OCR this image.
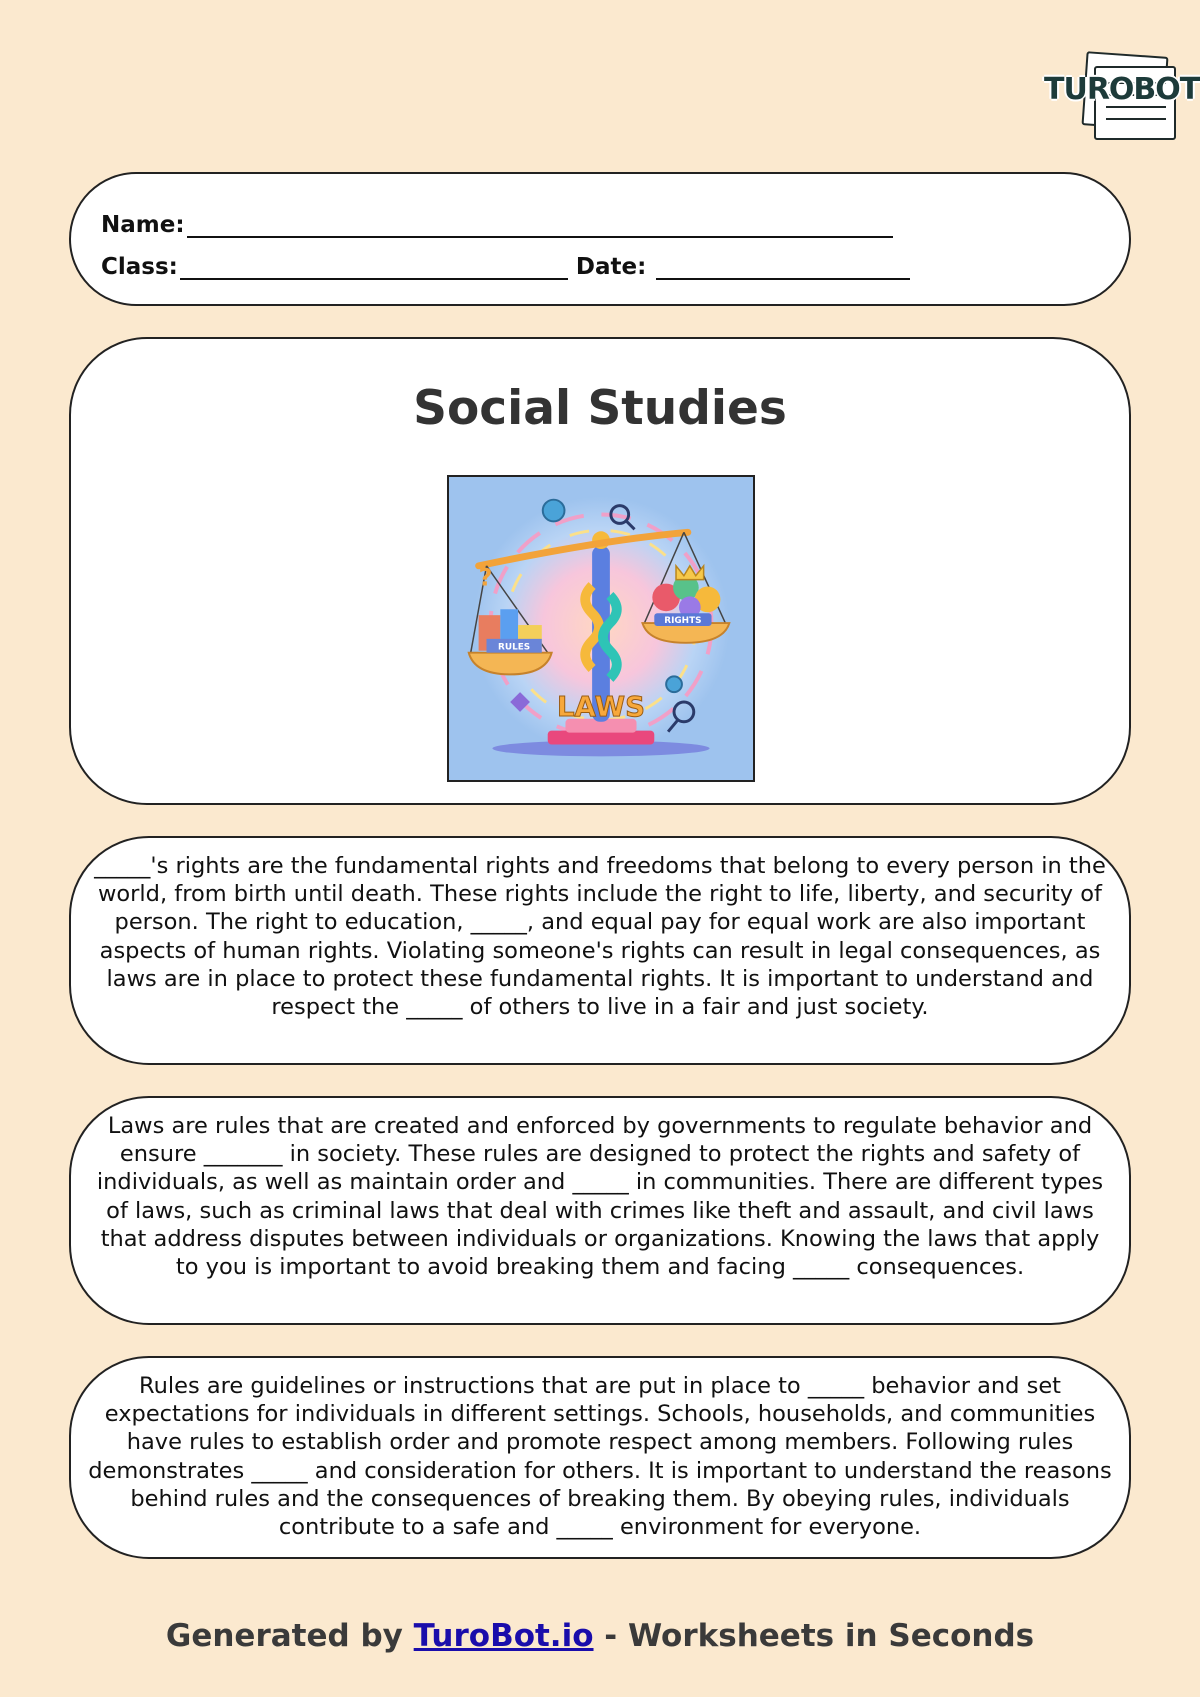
TUROBOT
Name:
Class:	Date:
Social Studies
RULES
RIGHTS
LAWS
?
_____'s rights are the fundamental rights and freedoms that belong to every person in the world, from birth until death. These rights include the right to life, liberty, and security of person. The right to education, _____, and equal pay for equal work are also important aspects of human rights. Violating someone's rights can result in legal consequences, as laws are in place to protect these fundamental rights. It is important to understand and respect the _____ of others to live in a fair and just society.
Laws are rules that are created and enforced by governments to regulate behavior and ensure _______ in society. These rules are designed to protect the rights and safety of individuals, as well as maintain order and _____ in communities. There are different types of laws, such as criminal laws that deal with crimes like theft and assault, and civil laws that address disputes between individuals or organizations. Knowing the laws that apply to you is important to avoid breaking them and facing _____ consequences.
Rules are guidelines or instructions that are put in place to _____ behavior and set expectations for individuals in different settings. Schools, households, and communities have rules to establish order and promote respect among members. Following rules demonstrates _____ and consideration for others. It is important to understand the reasons behind rules and the consequences of breaking them. By obeying rules, individuals contribute to a safe and _____ environment for everyone.
Generated by TuroBot.io - Worksheets in Seconds
